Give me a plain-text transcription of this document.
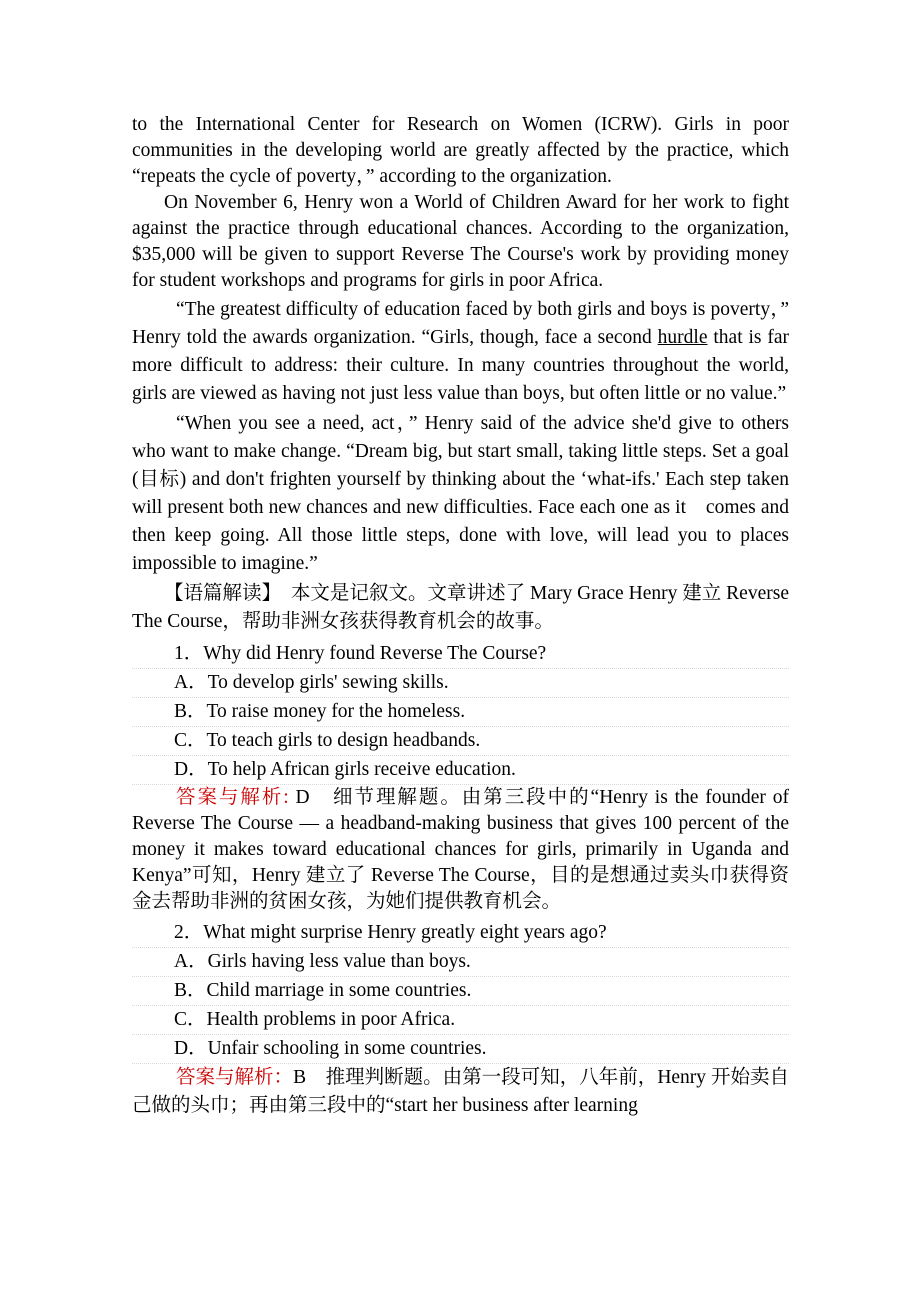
to the International Center for Research on Women (ICRW). Girls in poor communities in the developing world are greatly affected by the practice, which “repeats the cycle of poverty，” according to the organization.

On November 6, Henry won a World of Children Award for her work to fight against the practice through educational chances. According to the organization, $35,000 will be given to support Reverse The Course's work by providing money for student workshops and programs for girls in poor Africa.

“The greatest difficulty of education faced by both girls and boys is poverty，” Henry told the awards organization. “Girls, though, face a second hurdle that is far more difficult to address: their culture. In many countries throughout the world, girls are viewed as having not just less value than boys, but often little or no value.”

“When you see a need, act，” Henry said of the advice she'd give to others who want to make change. “Dream big, but start small, taking little steps. Set a goal (目标) and don't frighten yourself by thinking about the ‘what-ifs.' Each step taken will present both new chances and new difficulties. Face each one as it　comes and then keep going. All those little steps, done with love, will lead you to places impossible to imagine.”

【语篇解读】　本文是记叙文。文章讲述了 Mary Grace Henry 建立 Reverse The Course，帮助非洲女孩获得教育机会的故事。

1．Why did Henry found Reverse The Course?

A．To develop girls' sewing skills.

B．To raise money for the homeless.

C．To teach girls to design headbands.

D．To help African girls receive education.

答案与解析: D　细节理解题。由第三段中的“Henry is the founder of Reverse The Course — a headband-making business that gives 100 percent of the money it makes toward educational chances for girls, primarily in Uganda and Kenya”可知，Henry 建立了 Reverse The Course，目的是想通过卖头巾获得资金去帮助非洲的贫困女孩，为她们提供教育机会。

2．What might surprise Henry greatly eight years ago?

A．Girls having less value than boys.

B．Child marriage in some countries.

C．Health problems in poor Africa.

D．Unfair schooling in some countries.

答案与解析：B　推理判断题。由第一段可知，八年前，Henry 开始卖自己做的头巾；再由第三段中的“start her business after learning
